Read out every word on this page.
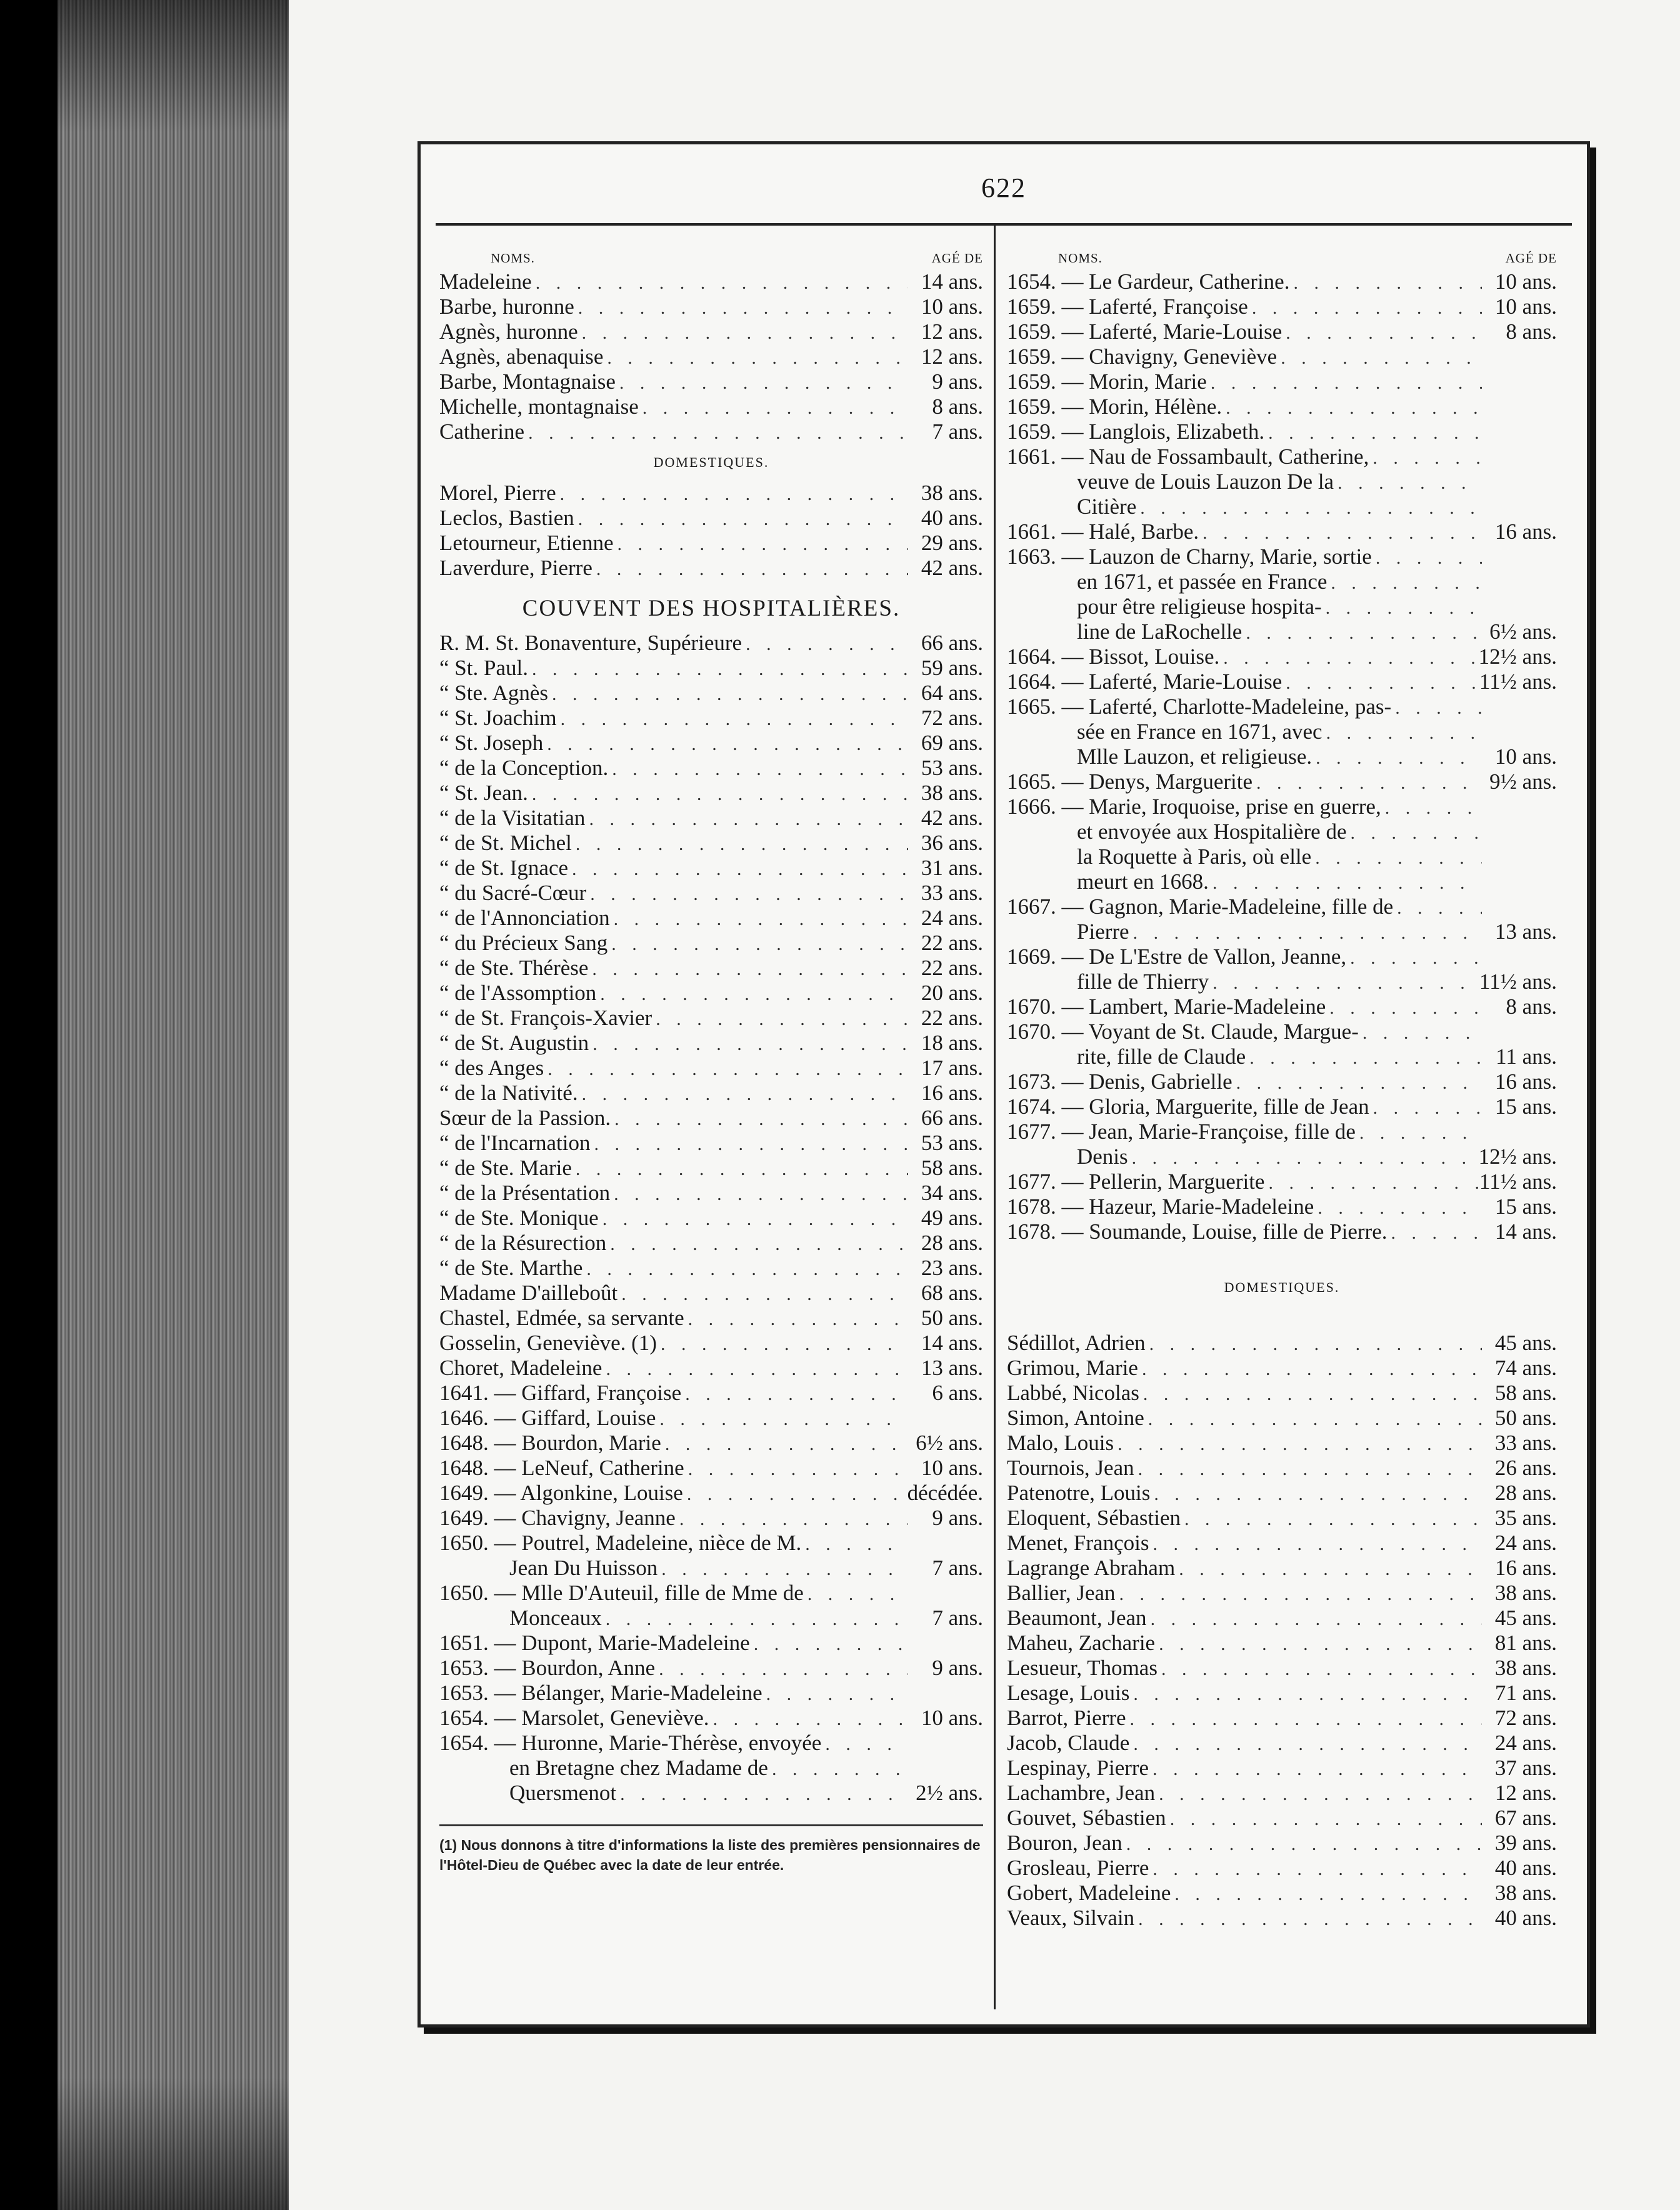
622
NOMS.	AGÉ DE
Madeleine . . .	14 ans.
Barbe, huronne . . .	10 ans.
Agnès, huronne . . .	12 ans.
Agnès, abenaquise . . .	12 ans.
Barbe, Montagnaise . . .	9 ans.
Michelle, montagnaise . . .	8 ans.
Catherine . . .	7 ans.
DOMESTIQUES.
Morel, Pierre . . .	38 ans.
Leclos, Bastien . . .	40 ans.
Letourneur, Etienne . . .	29 ans.
Laverdure, Pierre . . .	42 ans.
COUVENT DES HOSPITALIÈRES.
R. M. St. Bonaventure, Supérieure . . .	66 ans.
“ St. Paul. . . .	59 ans.
“ Ste. Agnès . . .	64 ans.
“ St. Joachim . . .	72 ans.
“ St. Joseph . . .	69 ans.
“ de la Conception. . . .	53 ans.
“ St. Jean. . . .	38 ans.
“ de la Visitatian . . .	42 ans.
“ de St. Michel . . .	36 ans.
“ de St. Ignace . . .	31 ans.
“ du Sacré-Cœur . . .	33 ans.
“ de l'Annonciation . . .	24 ans.
“ du Précieux Sang . . .	22 ans.
“ de Ste. Thérèse . . .	22 ans.
“ de l'Assomption . . .	20 ans.
“ de St. François-Xavier . . .	22 ans.
“ de St. Augustin . . .	18 ans.
“ des Anges . . .	17 ans.
“ de la Nativité. . . .	16 ans.
Sœur de la Passion. . . .	66 ans.
“ de l'Incarnation . . .	53 ans.
“ de Ste. Marie . . .	58 ans.
“ de la Présentation . . .	34 ans.
“ de Ste. Monique . . .	49 ans.
“ de la Résurection . . .	28 ans.
“ de Ste. Marthe . . .	23 ans.
Madame D'ailleboût . . .	68 ans.
Chastel, Edmée, sa servante . . .	50 ans.
Gosselin, Geneviève. (1) . . .	14 ans.
Choret, Madeleine . . .	13 ans.
1641. — Giffard, Françoise . . .	6 ans.
1646. — Giffard, Louise
. . .
1648. — Bourdon, Marie . . .	6½ ans.
1648. — LeNeuf, Catherine . . .	10 ans.
1649. — Algonkine, Louise . . .	décédée.
1649. — Chavigny, Jeanne . . .	9 ans.
1650. — Poutrel, Madeleine, nièce de M.
. . .
Jean Du Huisson . . .	7 ans.
1650. — Mlle D'Auteuil, fille de Mme de
. . .
Monceaux . . .	7 ans.
1651. — Dupont, Marie-Madeleine
. . .
1653. — Bourdon, Anne . . .	9 ans.
1653. — Bélanger, Marie-Madeleine
. . .
1654. — Marsolet, Geneviève. . . .	10 ans.
1654. — Huronne, Marie-Thérèse, envoyée
. . .
en Bretagne chez Madame de
. . .
Quersmenot . . .	2½ ans.
(1) Nous donnons à titre d'informations la liste des premières pensionnaires de l'Hôtel-Dieu de Québec avec la date de leur entrée.
NOMS.	AGÉ DE
1654. — Le Gardeur, Catherine. . . .	10 ans.
1659. — Laferté, Françoise . . .	10 ans.
1659. — Laferté, Marie-Louise . . .	8 ans.
1659. — Chavigny, Geneviève
. . .
1659. — Morin, Marie
. . .
1659. — Morin, Hélène.
. . .
1659. — Langlois, Elizabeth.
. . .
1661. — Nau de Fossambault, Catherine,
. . .
veuve de Louis Lauzon De la
. . .
Citière
. . .
1661. — Halé, Barbe. . . .	16 ans.
1663. — Lauzon de Charny, Marie, sortie
. . .
en 1671, et passée en France
. . .
pour être religieuse hospita-
. . .
line de LaRochelle . . .	6½ ans.
1664. — Bissot, Louise. . . .	12½ ans.
1664. — Laferté, Marie-Louise . . .	11½ ans.
1665. — Laferté, Charlotte-Madeleine, pas-
. . .
sée en France en 1671, avec
. . .
Mlle Lauzon, et religieuse. . . .	10 ans.
1665. — Denys, Marguerite . . .	9½ ans.
1666. — Marie, Iroquoise, prise en guerre,
. . .
et envoyée aux Hospitalière de
. . .
la Roquette à Paris, où elle
. . .
meurt en 1668.
. . .
1667. — Gagnon, Marie-Madeleine, fille de
. . .
Pierre . . .	13 ans.
1669. — De L'Estre de Vallon, Jeanne,
. . .
fille de Thierry . . .	11½ ans.
1670. — Lambert, Marie-Madeleine . . .	8 ans.
1670. — Voyant de St. Claude, Margue-
. . .
rite, fille de Claude . . .	11 ans.
1673. — Denis, Gabrielle . . .	16 ans.
1674. — Gloria, Marguerite, fille de Jean . . .	15 ans.
1677. — Jean, Marie-Françoise, fille de
. . .
Denis . . .	12½ ans.
1677. — Pellerin, Marguerite . . .	11½ ans.
1678. — Hazeur, Marie-Madeleine . . .	15 ans.
1678. — Soumande, Louise, fille de Pierre. . . .	14 ans.
DOMESTIQUES.
Sédillot, Adrien . . .	45 ans.
Grimou, Marie . . .	74 ans.
Labbé, Nicolas . . .	58 ans.
Simon, Antoine . . .	50 ans.
Malo, Louis . . .	33 ans.
Tournois, Jean . . .	26 ans.
Patenotre, Louis . . .	28 ans.
Eloquent, Sébastien . . .	35 ans.
Menet, François . . .	24 ans.
Lagrange Abraham . . .	16 ans.
Ballier, Jean . . .	38 ans.
Beaumont, Jean . . .	45 ans.
Maheu, Zacharie . . .	81 ans.
Lesueur, Thomas . . .	38 ans.
Lesage, Louis . . .	71 ans.
Barrot, Pierre . . .	72 ans.
Jacob, Claude . . .	24 ans.
Lespinay, Pierre . . .	37 ans.
Lachambre, Jean . . .	12 ans.
Gouvet, Sébastien . . .	67 ans.
Bouron, Jean . . .	39 ans.
Grosleau, Pierre . . .	40 ans.
Gobert, Madeleine . . .	38 ans.
Veaux, Silvain . . .	40 ans.
